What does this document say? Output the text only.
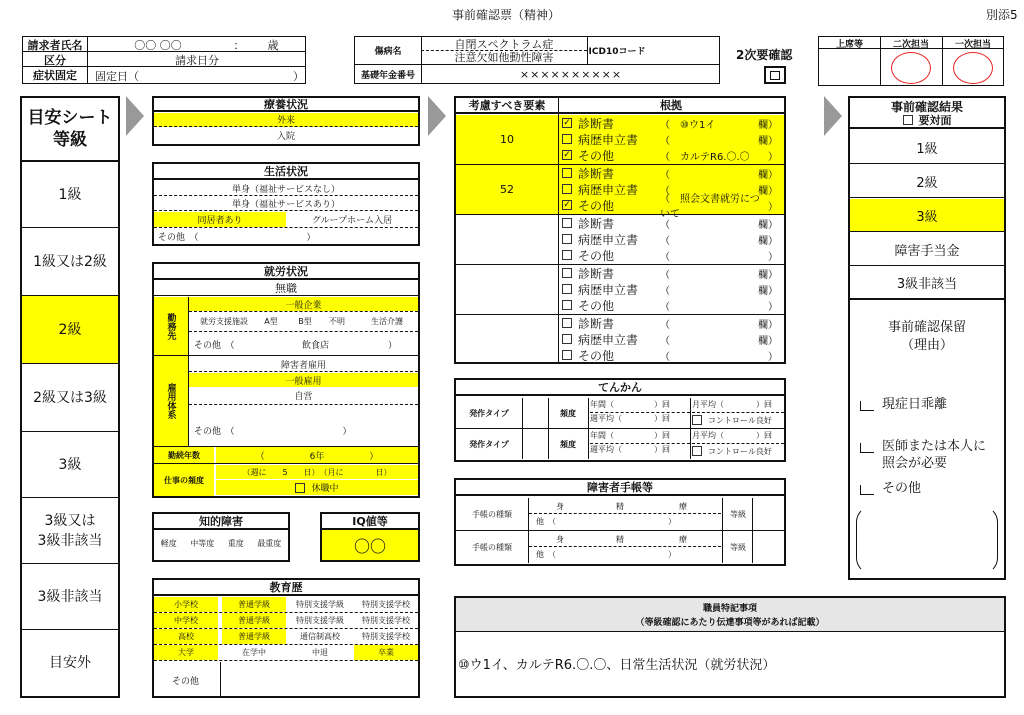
事前確認票（精神）	別添5
請求者氏名	〇〇 〇〇	：	歳
区分	請求日分
症状固定	固定日（	）
傷病名
自閉スペクトラム症
注意欠如他動性障害	ICD10コード
基礎年金番号	××××××××××
2次要確認
上席等	二次担当	一次担当
目安シート
等級
1級
1級又は2級
2級
2級又は3級
3級
3級又は
3級非該当
3級非該当
目安外
療養状況
外来
入院
生活状況
単身（福祉サービスなし）
単身（福祉サービスあり）
同居者あり	グループホーム入居
その他　（　　　　　　　　　　　　）
就労状況
無職
勤務先
一般企業
就労支援施設	A型	B型	不明	生活介護
その他　（	飲食店	）
雇用体系
障害者雇用
一般雇用
自営
その他　（　　　　　　　　　　　　）
勤続年数	（　　　　　6年　　　　　）
仕事の頻度
（週に　　5　　日）　（月に　　　　日）
休職中
知的障害
軽度 中等度 重度 最重度
IQ値等
〇〇
教育歴
小学校	普通学級	特別支援学級	特別支援学校
中学校	普通学級	特別支援学級	特別支援学校
高校	普通学級	通信制高校	特別支援学校
大学	在学中	中退	卒業
その他
考慮すべき要素	根拠
10
✓ 診断書	（　⑩ウ1イ	欄）
病歴申立書	（	欄）
✓ その他	（　カルテR6.〇.〇	）
52
診断書	（	欄）
病歴申立書	（	欄）
✓ その他	（　照会文書就労につ
）
診断書	（	欄）
病歴申立書	（	欄）
その他	（	）
診断書	（	欄）
病歴申立書	（	欄）
その他	（	）
診断書	（	欄）
病歴申立書	（	欄）
その他	（	）
てんかん
発作タイプ	頻度
年間（　　　　　）回
週平均（　　　　）回
月平均（　　　　）回
コントロール良好
発作タイプ	頻度
年間（　　　　　）回
週平均（　　　　）回
月平均（　　　　）回
コントロール良好
障害者手帳等
手帳の種類
身	精	療
他　（　　　　　　　　　　　　　　）
等級
手帳の種類
身	精	療
他　（　　　　　　　　　　　　　　）
等級
事前確認結果
要対面
1級
2級
3級
障害手当金
3級非該当
事前確認保留
（理由）
現症日乖離
医師または本人に
照会が必要
その他
職員特記事項
（等級確認にあたり伝達事項等があれば記載）
⑩ウ1イ、カルテR6.〇.〇、日常生活状況（就労状況）
